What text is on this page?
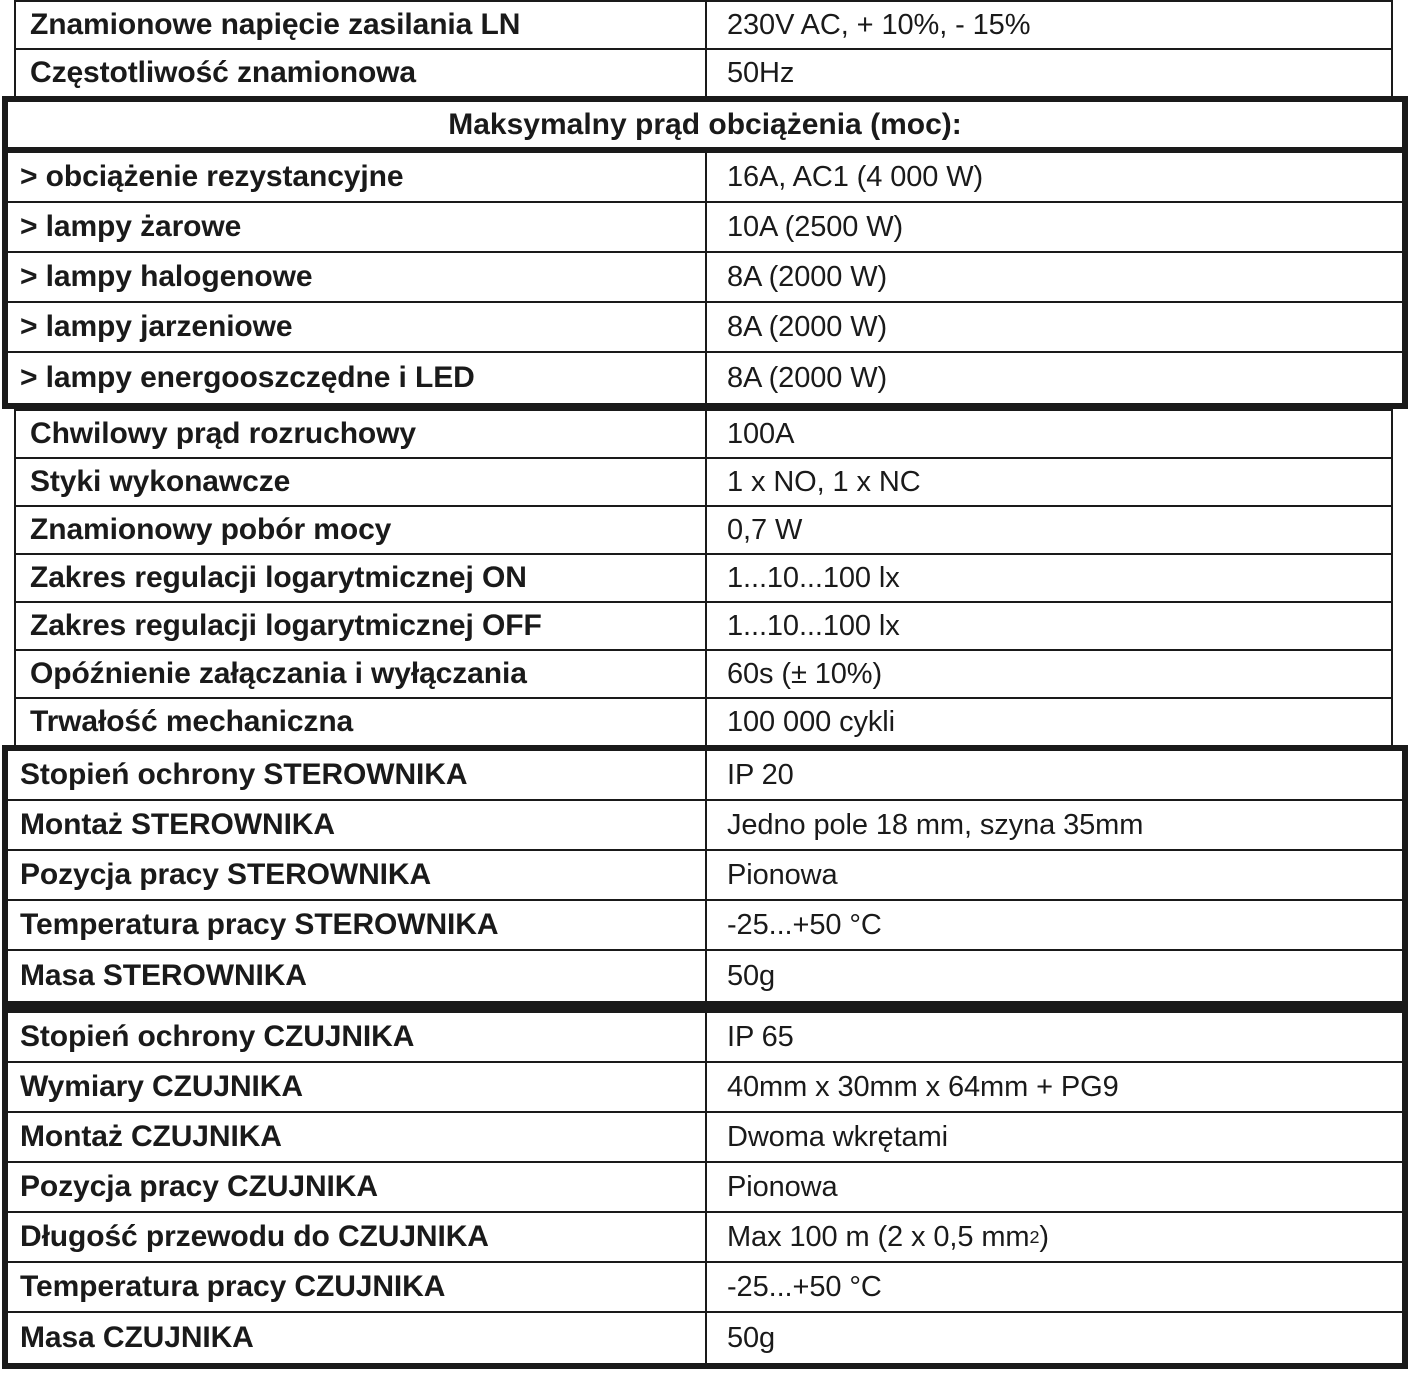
Znamionowe napięcie zasilania LN	230V AC, + 10%, - 15%
Częstotliwość znamionowa	50Hz
Maksymalny prąd obciążenia (moc):
> obciążenie rezystancyjne	16A, AC1 (4 000 W)
> lampy żarowe	10A (2500 W)
> lampy halogenowe	8A (2000 W)
> lampy jarzeniowe	8A (2000 W)
> lampy energooszczędne i LED	8A (2000 W)
Chwilowy prąd rozruchowy	100A
Styki wykonawcze	1 x NO, 1 x NC
Znamionowy pobór mocy	0,7 W
Zakres regulacji logarytmicznej ON	1...10...100 lx
Zakres regulacji logarytmicznej OFF	1...10...100 lx
Opóźnienie załączania i wyłączania	60s (± 10%)
Trwałość mechaniczna	100 000 cykli
Stopień ochrony STEROWNIKA	IP 20
Montaż STEROWNIKA	Jedno pole 18 mm, szyna 35mm
Pozycja pracy STEROWNIKA	Pionowa
Temperatura pracy STEROWNIKA	-25...+50 °C
Masa STEROWNIKA	50g
Stopień ochrony CZUJNIKA	IP 65
Wymiary CZUJNIKA	40mm x 30mm x 64mm + PG9
Montaż CZUJNIKA	Dwoma wkrętami
Pozycja pracy CZUJNIKA	Pionowa
Długość przewodu do CZUJNIKA	Max 100 m (2 x 0,5 mm 2 )
Temperatura pracy CZUJNIKA	-25...+50 °C
Masa CZUJNIKA	50g
